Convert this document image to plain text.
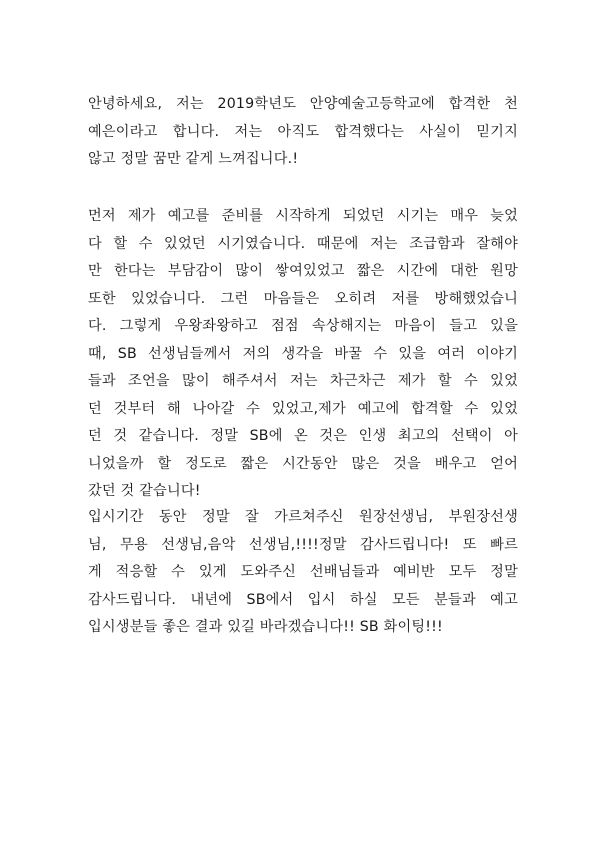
안녕하세요, 저는 2019학년도 안양예술고등학교에 합격한 천
예은이라고 합니다. 저는 아직도 합격했다는 사실이 믿기지
않고 정말 꿈만 같게 느껴집니다.!
먼저 제가 예고를 준비를 시작하게 되었던 시기는 매우 늦었
다 할 수 있었던 시기였습니다. 때문에 저는 조급함과 잘해야
만 한다는 부담감이 많이 쌓여있었고 짧은 시간에 대한 원망
또한 있었습니다. 그런 마음들은 오히려 저를 방해했었습니
다. 그렇게 우왕좌왕하고 점점 속상해지는 마음이 들고 있을
때, SB 선생님들께서 저의 생각을 바꿀 수 있을 여러 이야기
들과 조언을 많이 해주셔서 저는 차근차근 제가 할 수 있었
던 것부터 해 나아갈 수 있었고,제가 예고에 합격할 수 있었
던 것 같습니다. 정말 SB에 온 것은 인생 최고의 선택이 아
니었을까 할 정도로 짧은 시간동안 많은 것을 배우고 얻어
갔던 것 같습니다!
입시기간 동안 정말 잘 가르쳐주신 원장선생님, 부원장선생
님, 무용 선생님,음악 선생님,!!!!정말 감사드립니다! 또 빠르
게 적응할 수 있게 도와주신 선배님들과 예비반 모두 정말
감사드립니다. 내년에 SB에서 입시 하실 모든 분들과 예고
입시생분들 좋은 결과 있길 바라겠습니다!! SB 화이팅!!!
